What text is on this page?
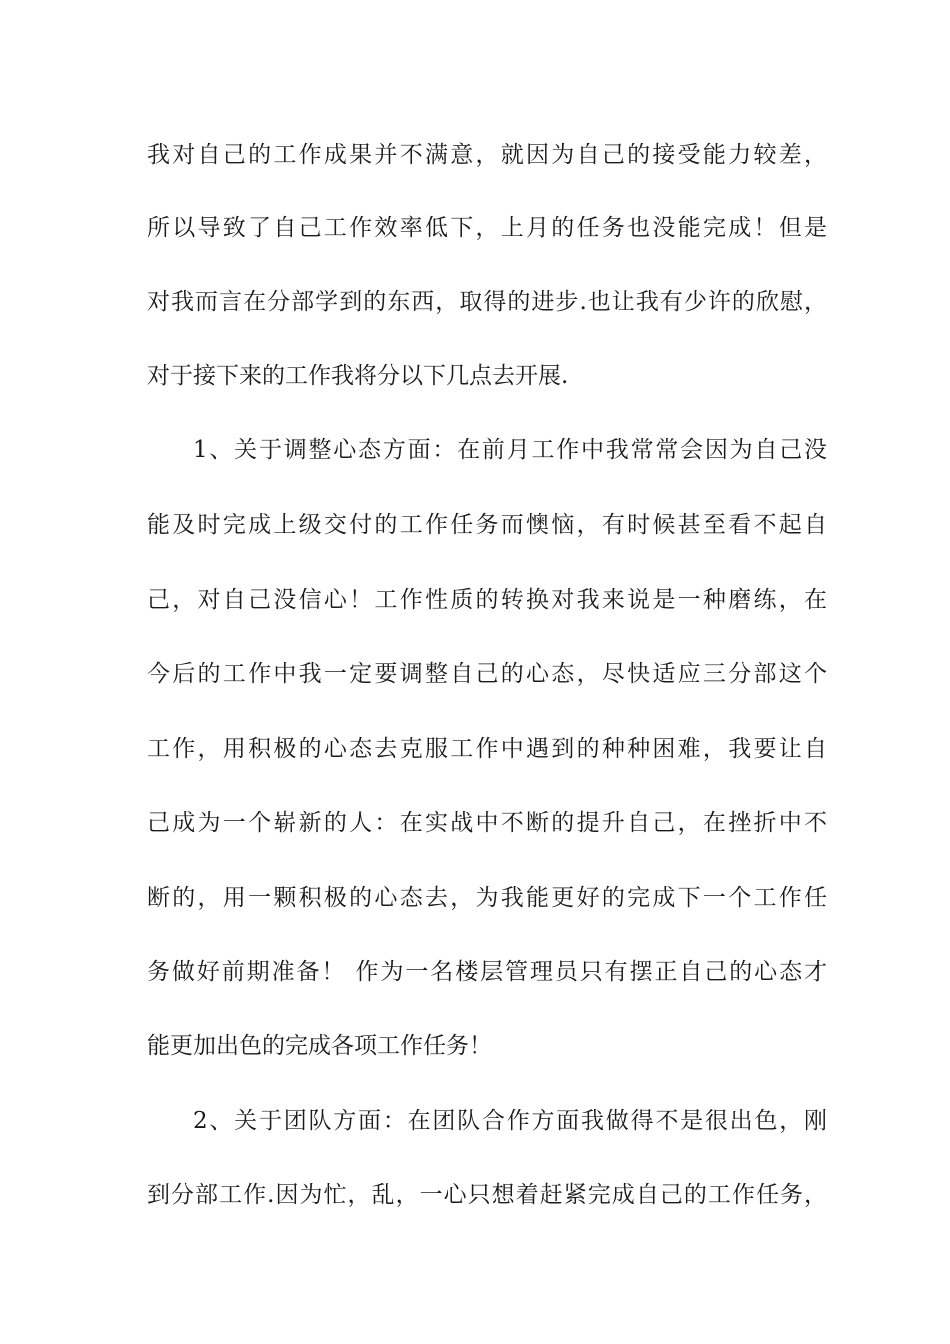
我对自己的工作成果并不满意，就因为自己的接受能力较差，
所以导致了自己工作效率低下，上月的任务也没能完成！但是
对我而言在分部学到的东西，取得的进步.也让我有少许的欣慰，
对于接下来的工作我将分以下几点去开展.
1、关于调整心态方面：在前月工作中我常常会因为自己没
能及时完成上级交付的工作任务而懊恼，有时候甚至看不起自
己，对自己没信心！工作性质的转换对我来说是一种磨练，在
今后的工作中我一定要调整自己的心态，尽快适应三分部这个
工作，用积极的心态去克服工作中遇到的种种困难，我要让自
己成为一个崭新的人：在实战中不断的提升自己，在挫折中不
断的，用一颗积极的心态去，为我能更好的完成下一个工作任
务做好前期准备！ 作为一名楼层管理员只有摆正自己的心态才
能更加出色的完成各项工作任务！
2、关于团队方面：在团队合作方面我做得不是很出色，刚
到分部工作.因为忙，乱，一心只想着赶紧完成自己的工作任务，
